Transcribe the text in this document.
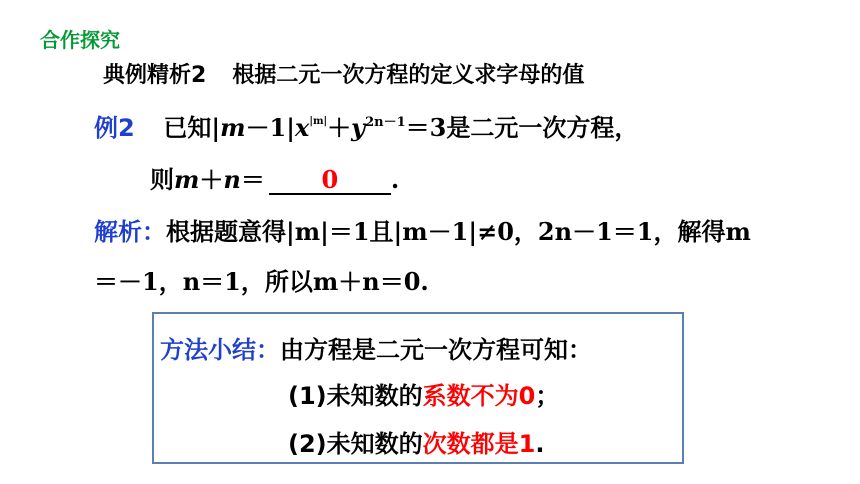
合作探究
典例精析2 根据二元一次方程的定义求字母的值
例2 已知$|m-1|x^{|m|}+y^{2n-1}=3$是二元一次方程，
则m＋n＝ 0 .
解析：根据题意得|m|＝1且|m－1|≠0，2n－1＝1，解得m
＝－1，n＝1，所以m＋n＝0.
方法小结：由方程是二元一次方程可知：
(1)未知数的系数不为0；
(2)未知数的次数都是1.
